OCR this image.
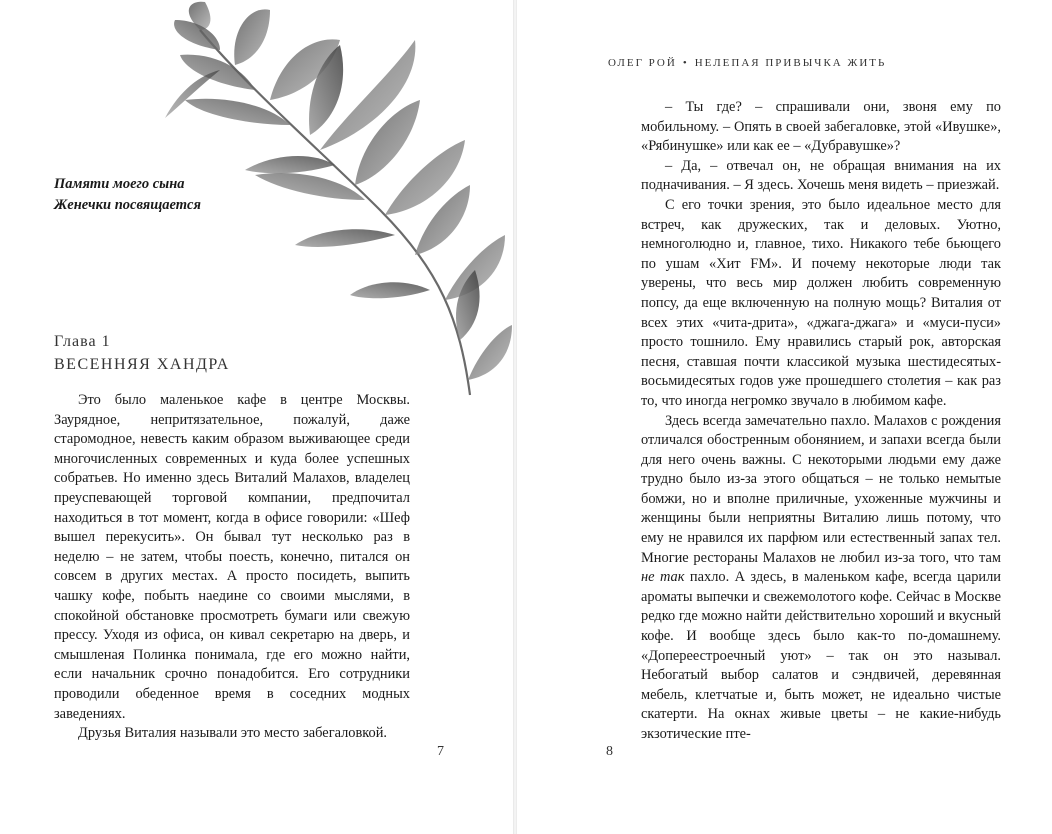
Памяти моего сына
Женечки посвящается
Глава 1
ВЕСЕННЯЯ ХАНДРА

Это было маленькое кафе в центре Москвы. Заурядное, непритязательное, пожалуй, даже старомодное, невесть каким образом выживающее среди многочисленных современных и куда более успешных собратьев. Но именно здесь Виталий Малахов, владелец преуспевающей торговой компании, предпочитал находиться в тот момент, когда в офисе говорили: «Шеф вышел перекусить». Он бывал тут несколько раз в неделю – не затем, чтобы поесть, конечно, питался он совсем в других местах. А просто посидеть, выпить чашку кофе, побыть наедине со своими мыслями, в спокойной обстановке просмотреть бумаги или свежую прессу. Уходя из офиса, он кивал секретарю на дверь, и смышленая Полинка понимала, где его можно найти, если начальник срочно понадобится. Его сотрудники проводили обеденное время в соседних модных заведениях.

Друзья Виталия называли это место забегаловкой.

7
ОЛЕГ РОЙ • НЕЛЕПАЯ ПРИВЫЧКА ЖИТЬ

– Ты где? – спрашивали они, звоня ему по мобильному. – Опять в своей забегаловке, этой «Ивушке», «Рябинушке» или как ее – «Дубравушке»?

– Да, – отвечал он, не обращая внимания на их подначивания. – Я здесь. Хочешь меня видеть – приезжай.

С его точки зрения, это было идеальное место для встреч, как дружеских, так и деловых. Уютно, немноголюдно и, главное, тихо. Никакого тебе бьющего по ушам «Хит FM». И почему некоторые люди так уверены, что весь мир должен любить современную попсу, да еще включенную на полную мощь? Виталия от всех этих «чита-дрита», «джага-джага» и «муси-пуси» просто тошнило. Ему нравились старый рок, авторская песня, ставшая почти классикой музыка шестидесятых-восьмидесятых годов уже прошедшего столетия – как раз то, что иногда негромко звучало в любимом кафе.

Здесь всегда замечательно пахло. Малахов с рождения отличался обостренным обонянием, и запахи всегда были для него очень важны. С некоторыми людьми ему даже трудно было из-за этого общаться – не только немытые бомжи, но и вполне приличные, ухоженные мужчины и женщины были неприятны Виталию лишь потому, что ему не нравился их парфюм или естественный запах тел. Многие рестораны Малахов не любил из-за того, что там не так пахло. А здесь, в маленьком кафе, всегда царили ароматы выпечки и свежемолотого кофе. Сейчас в Москве редко где можно найти действительно хороший и вкусный кофе. И вообще здесь было как-то по-домашнему. «Допереестроечный уют» – так он это называл. Небогатый выбор салатов и сэндвичей, деревянная мебель, клетчатые и, быть может, не идеально чистые скатерти. На окнах живые цветы – не какие-нибудь экзотические пте-

8
